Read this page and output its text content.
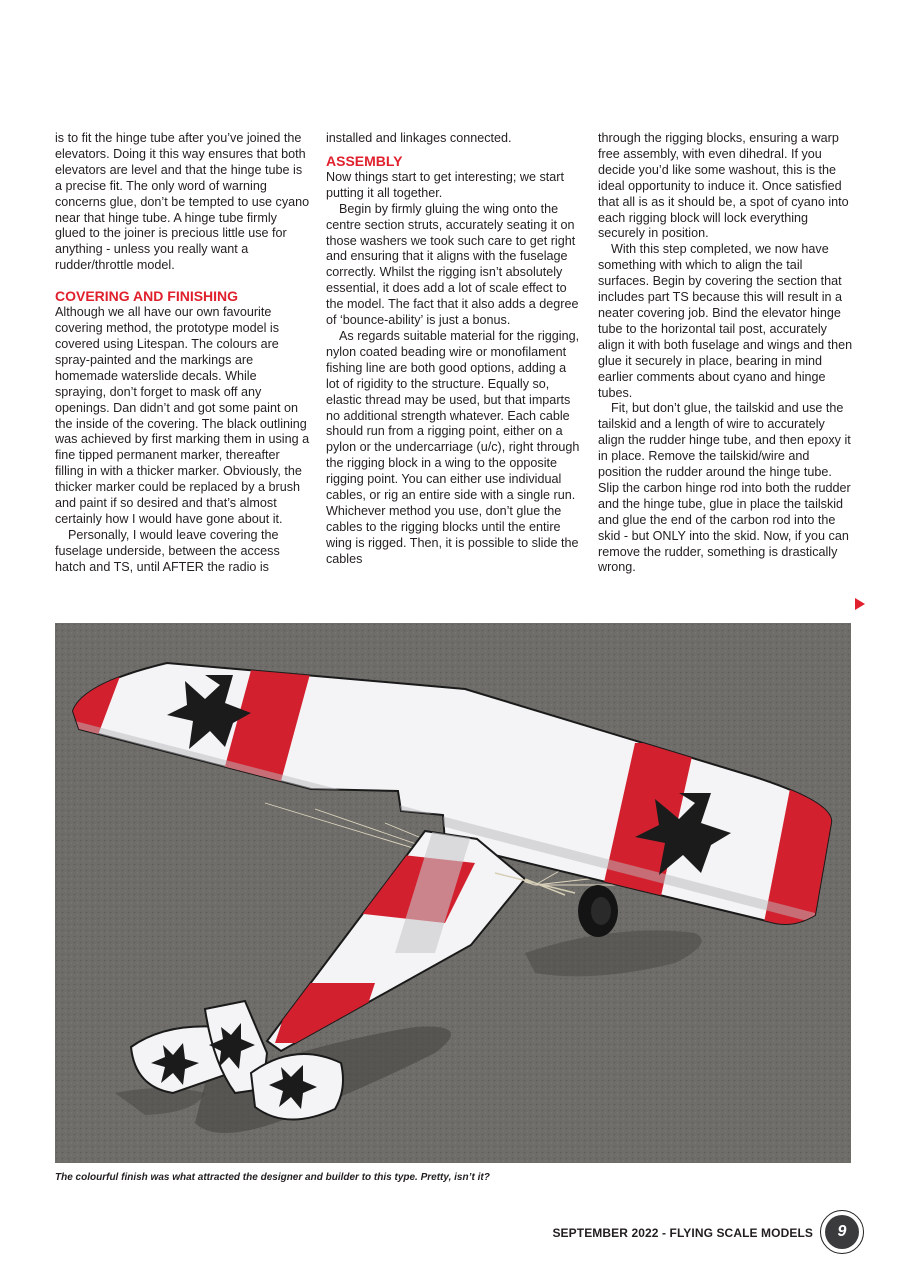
is to fit the hinge tube after you’ve joined the elevators. Doing it this way ensures that both elevators are level and that the hinge tube is a precise fit. The only word of warning concerns glue, don’t be tempted to use cyano near that hinge tube. A hinge tube firmly glued to the joiner is precious little use for anything - unless you really want a rudder/throttle model.

COVERING AND FINISHING

Although we all have our own favourite covering method, the prototype model is covered using Litespan. The colours are spray-painted and the markings are homemade waterslide decals. While spraying, don’t forget to mask off any openings. Dan didn’t and got some paint on the inside of the covering. The black outlining was achieved by first marking them in using a fine tipped permanent marker, thereafter filling in with a thicker marker. Obviously, the thicker marker could be replaced by a brush and paint if so desired and that’s almost certainly how I would have gone about it.

Personally, I would leave covering the fuselage underside, between the access hatch and TS, until AFTER the radio is

installed and linkages connected.

ASSEMBLY

Now things start to get interesting; we start putting it all together.

Begin by firmly gluing the wing onto the centre section struts, accurately seating it on those washers we took such care to get right and ensuring that it aligns with the fuselage correctly. Whilst the rigging isn’t absolutely essential, it does add a lot of scale effect to the model. The fact that it also adds a degree of ‘bounce-ability’ is just a bonus.

As regards suitable material for the rigging, nylon coated beading wire or monofilament fishing line are both good options, adding a lot of rigidity to the structure. Equally so, elastic thread may be used, but that imparts no additional strength whatever. Each cable should run from a rigging point, either on a pylon or the undercarriage (u/c), right through the rigging block in a wing to the opposite rigging point. You can either use individual cables, or rig an entire side with a single run. Whichever method you use, don’t glue the cables to the rigging blocks until the entire wing is rigged. Then, it is possible to slide the cables

through the rigging blocks, ensuring a warp free assembly, with even dihedral. If you decide you’d like some washout, this is the ideal opportunity to induce it. Once satisfied that all is as it should be, a spot of cyano into each rigging block will lock everything securely in position.

With this step completed, we now have something with which to align the tail surfaces. Begin by covering the section that includes part TS because this will result in a neater covering job. Bind the elevator hinge tube to the horizontal tail post, accurately align it with both fuselage and wings and then glue it securely in place, bearing in mind earlier comments about cyano and hinge tubes.

Fit, but don’t glue, the tailskid and use the tailskid and a length of wire to accurately align the rudder hinge tube, and then epoxy it in place. Remove the tailskid/wire and position the rudder around the hinge tube. Slip the carbon hinge rod into both the rudder and the hinge tube, glue in place the tailskid and glue the end of the carbon rod into the skid - but ONLY into the skid. Now, if you can remove the rudder, something is drastically wrong.

The colourful finish was what attracted the designer and builder to this type. Pretty, isn’t it?

SEPTEMBER 2022 - FLYING SCALE MODELS	9
